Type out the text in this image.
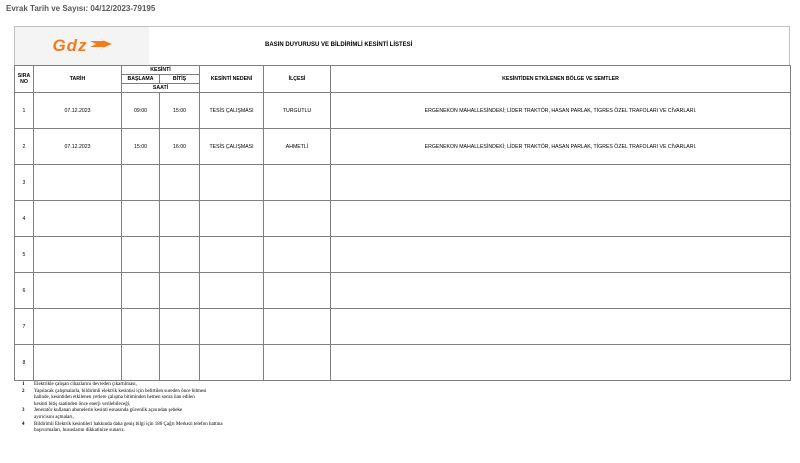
Evrak Tarih ve Sayısı: 04/12/2023-79195
Gdz	BASIN DUYURUSU VE BİLDİRİMLİ KESİNTİ LİSTESİ
SIRA
NO	TARİH	KESİNTİ		KESİNTİ NEDENİ	İLÇESİ	KESİNTİDEN ETKİLENEN BÖLGE VE SEMTLER
		BAŞLAMA	BİTİŞ			
		SAATİ				
1	07.12.2023	09:00	15:00	TESİS ÇALIŞMASI	TURGUTLU	ERGENEKON MAHALLESİNDEKİ; LİDER TRAKTÖR, HASAN PARLAK, TİGRES ÖZEL TRAFOLARI VE CİVARLARI.
2	07.12.2023	15:00	16:00	TESİS ÇALIŞMASI	AHMETLİ	ERGENEKON MAHALLESİNDEKİ; LİDER TRAKTÖR, HASAN PARLAK, TİGRES ÖZEL TRAFOLARI VE CİVARLARI.
3						
4						
5						
6						
7						
8						
1	Elektrikle çalışan cihazlarını devreden çıkartılması,
2	Yapılacak çalışmalarla, bildirimli elektrik kesintisi için belirtilen sureden önce bitmesi
halinde, kesintiden etkilenen yerlere çalışma bitiminden hemen sonra ilan edilen
kesinti bitiş saatinden önce enerji verilebileceği,
3	Jeneratör kullanan abonelerin kesinti esnasında güvenlik açısından şebeke
ayırıcısını açmaları,
4	Bildirimli Elektrik kesintileri hakkında daha geniş bilgi için 186 Çağrı Merkezi telefon hattına
başvurmaları, hususlarını dikkatinize sunarız.
